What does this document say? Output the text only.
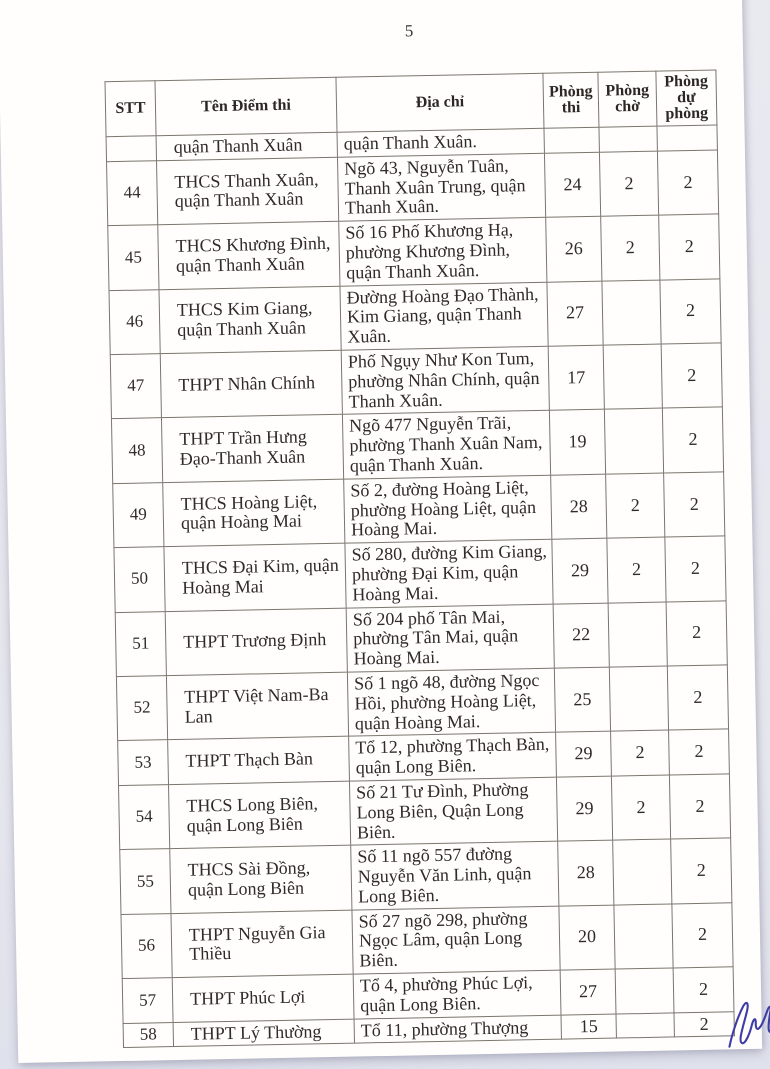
5
STT	Tên Điểm thi	Địa chỉ	Phòng thi	Phòng chờ	Phòng dự phòng
	quận Thanh Xuân	quận Thanh Xuân.			
44	THCS Thanh Xuân, quận Thanh Xuân	Ngõ 43, Nguyễn Tuân, Thanh Xuân Trung, quận Thanh Xuân.	24	2	2
45	THCS Khương Đình, quận Thanh Xuân	Số 16 Phố Khương Hạ, phường Khương Đình, quận Thanh Xuân.	26	2	2
46	THCS Kim Giang, quận Thanh Xuân	Đường Hoàng Đạo Thành, Kim Giang, quận Thanh Xuân.	27		2
47	THPT Nhân Chính	Phố Ngụy Như Kon Tum, phường Nhân Chính, quận Thanh Xuân.	17		2
48	THPT Trần Hưng Đạo-Thanh Xuân	Ngõ 477 Nguyễn Trãi, phường Thanh Xuân Nam, quận Thanh Xuân.	19		2
49	THCS Hoàng Liệt, quận Hoàng Mai	Số 2, đường Hoàng Liệt, phường Hoàng Liệt, quận Hoàng Mai.	28	2	2
50	THCS Đại Kim, quận Hoàng Mai	Số 280, đường Kim Giang, phường Đại Kim, quận Hoàng Mai.	29	2	2
51	THPT Trương Định	Số 204 phố Tân Mai, phường Tân Mai, quận Hoàng Mai.	22		2
52	THPT Việt Nam-Ba Lan	Số 1 ngõ 48, đường Ngọc Hồi, phường Hoàng Liệt, quận Hoàng Mai.	25		2
53	THPT Thạch Bàn	Tổ 12, phường Thạch Bàn, quận Long Biên.	29	2	2
54	THCS Long Biên, quận Long Biên	Số 21 Tư Đình, Phường Long Biên, Quận Long Biên.	29	2	2
55	THCS Sài Đồng, quận Long Biên	Số 11 ngõ 557 đường Nguyễn Văn Linh, quận Long Biên.	28		2
56	THPT Nguyễn Gia Thiều	Số 27 ngõ 298, phường Ngọc Lâm, quận Long Biên.	20		2
57	THPT Phúc Lợi	Tổ 4, phường Phúc Lợi, quận Long Biên.	27		2
58	THPT Lý Thường	Tổ 11, phường Thượng	15		2
